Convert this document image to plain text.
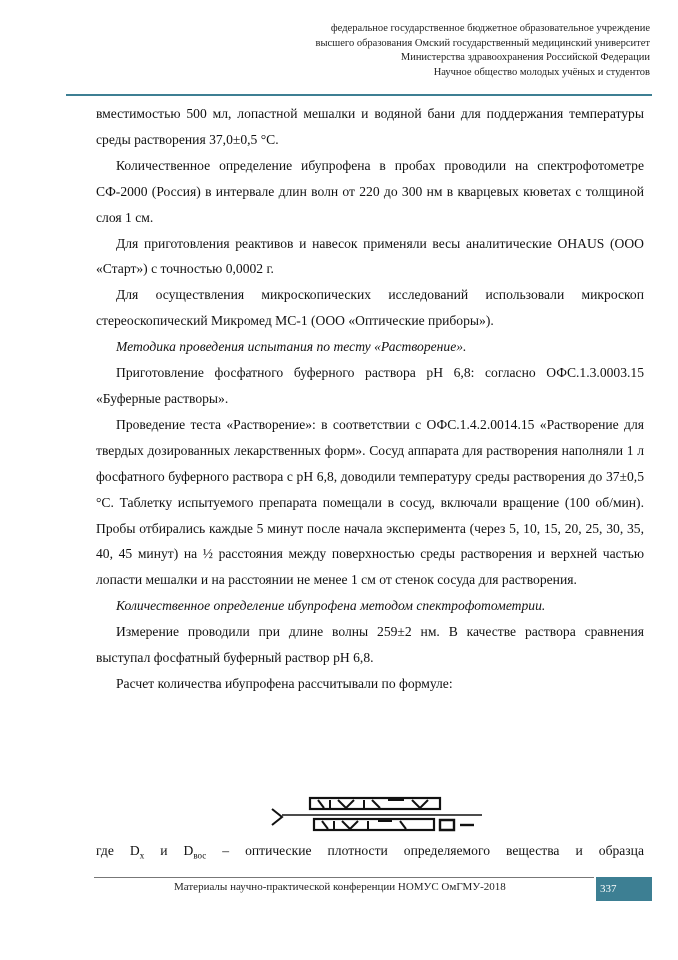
федеральное государственное бюджетное образовательное учреждение
высшего образования Омский государственный медицинский университет
Министерства здравоохранения Российской Федерации
Научное общество молодых учёных и студентов

вместимостью 500 мл, лопастной мешалки и водяной бани для поддержания температуры среды растворения 37,0±0,5 °С.

Количественное определение ибупрофена в пробах проводили на спектрофотометре СФ-2000 (Россия) в интервале длин волн от 220 до 300 нм в кварцевых кюветах с толщиной слоя 1 см.

Для приготовления реактивов и навесок применяли весы аналитические OHAUS (ООО «Старт») с точностью 0,0002 г.

Для осуществления микроскопических исследований использовали микроскоп стереоскопический Микромед МС-1 (ООО «Оптические приборы»).

Методика проведения испытания по тесту «Растворение».

Приготовление фосфатного буферного раствора pH 6,8: согласно ОФС.1.3.0003.15 «Буферные растворы».

Проведение теста «Растворение»: в соответствии с ОФС.1.4.2.0014.15 «Растворение для твердых дозированных лекарственных форм». Сосуд аппарата для растворения наполняли 1 л фосфатного буферного раствора с pH 6,8, доводили температуру среды растворения до 37±0,5 °С. Таблетку испытуемого препарата помещали в сосуд, включали вращение (100 об/мин). Пробы отбирались каждые 5 минут после начала эксперимента (через 5, 10, 15, 20, 25, 30, 35, 40, 45 минут) на ½ расстояния между поверхностью среды растворения и верхней частью лопасти мешалки и на расстоянии не менее 1 см от стенок сосуда для растворения.

Количественное определение ибупрофена методом спектрофотометрии.

Измерение проводили при длине волны 259±2 нм. В качестве раствора сравнения выступал фосфатный буферный раствор pH 6,8.

Расчет количества ибупрофена рассчитывали по формуле:

где $D_x$ и $D_{вос}$ – оптические плотности определяемого вещества и образца
Материалы научно-практической конференции НОМУС ОмГМУ-2018	337
